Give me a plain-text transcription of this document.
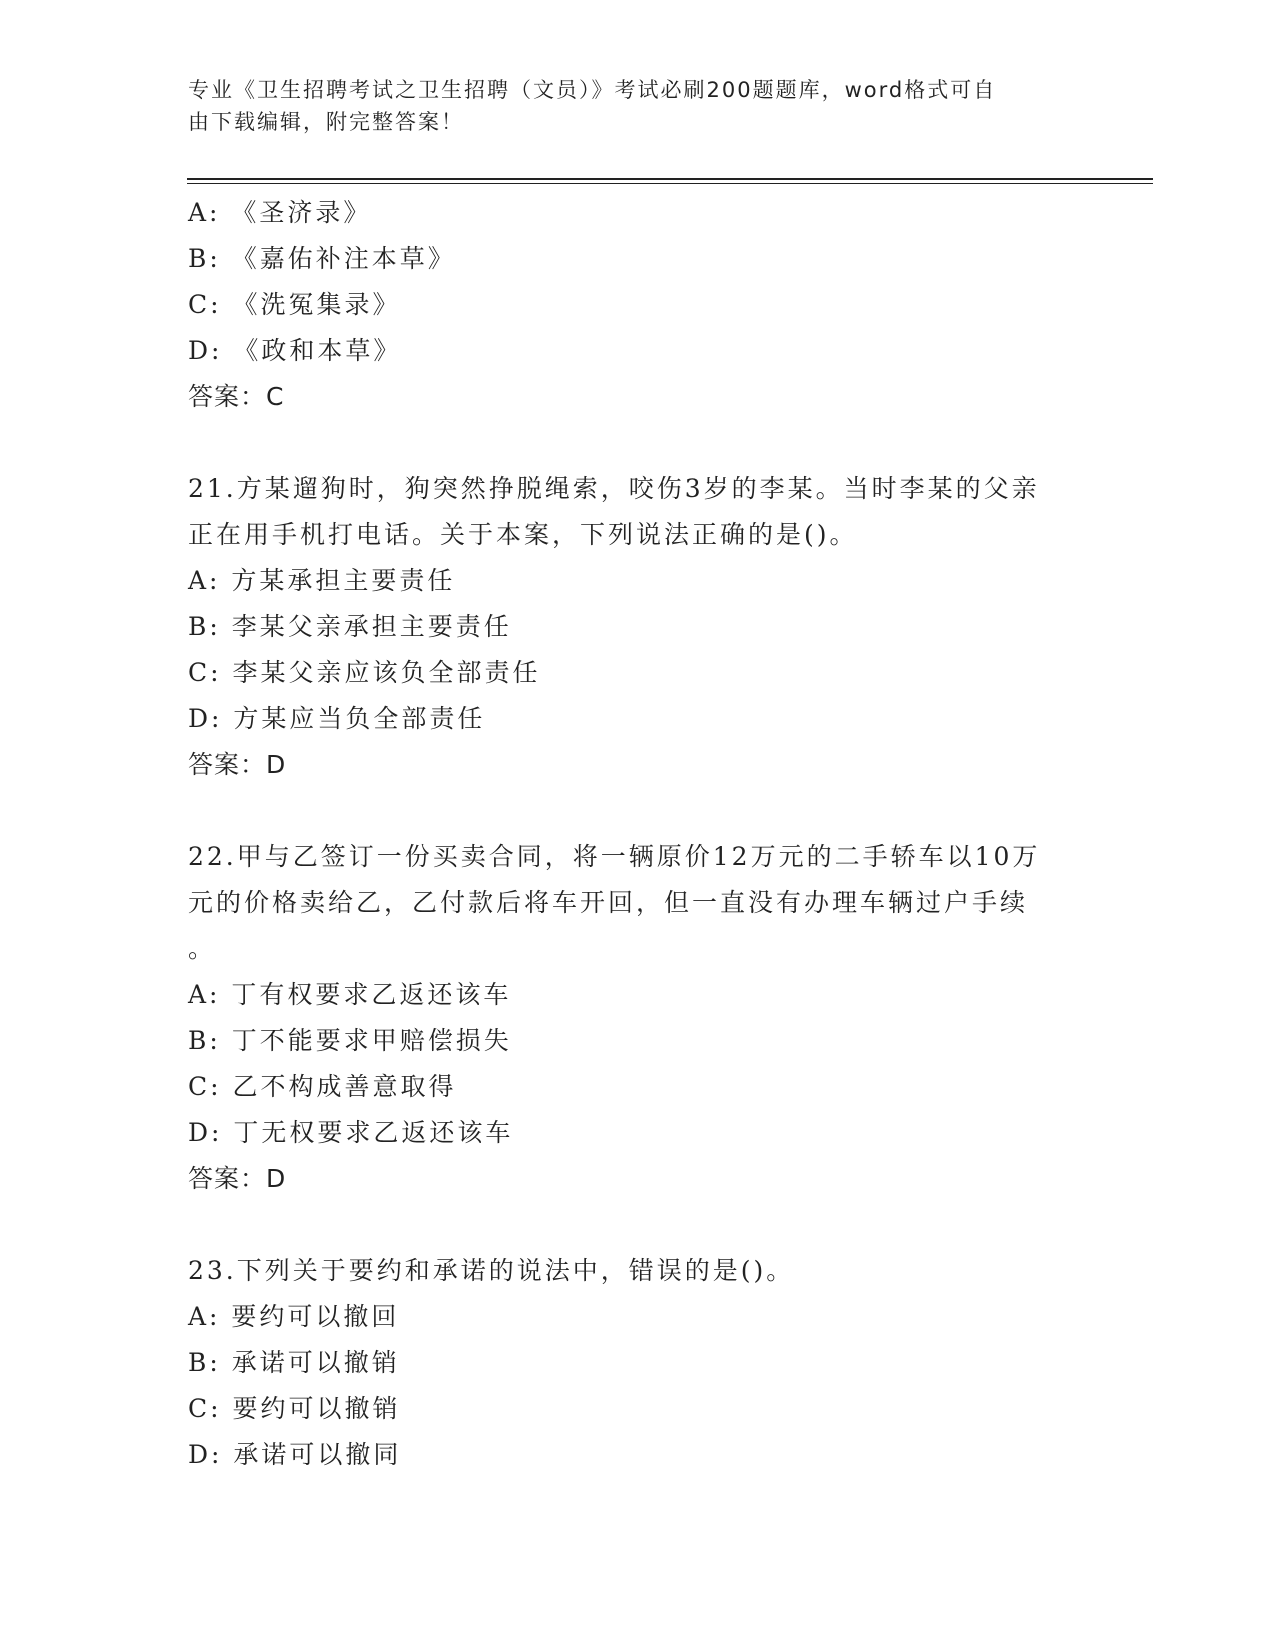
专业《卫生招聘考试之卫生招聘（文员）》考试必刷200题题库，word格式可自
由下载编辑，附完整答案！
A: 《圣济录》
B: 《嘉佑补注本草》
C: 《洗冤集录》
D: 《政和本草》
答案：C
21.方某遛狗时，狗突然挣脱绳索，咬伤3岁的李某。当时李某的父亲
正在用手机打电话。关于本案，下列说法正确的是()。
A: 方某承担主要责任
B: 李某父亲承担主要责任
C: 李某父亲应该负全部责任
D: 方某应当负全部责任
答案：D
22.甲与乙签订一份买卖合同，将一辆原价12万元的二手轿车以10万
元的价格卖给乙，乙付款后将车开回，但一直没有办理车辆过户手续
。
A: 丁有权要求乙返还该车
B: 丁不能要求甲赔偿损失
C: 乙不构成善意取得
D: 丁无权要求乙返还该车
答案：D
23.下列关于要约和承诺的说法中，错误的是()。
A: 要约可以撤回
B: 承诺可以撤销
C: 要约可以撤销
D: 承诺可以撤同
